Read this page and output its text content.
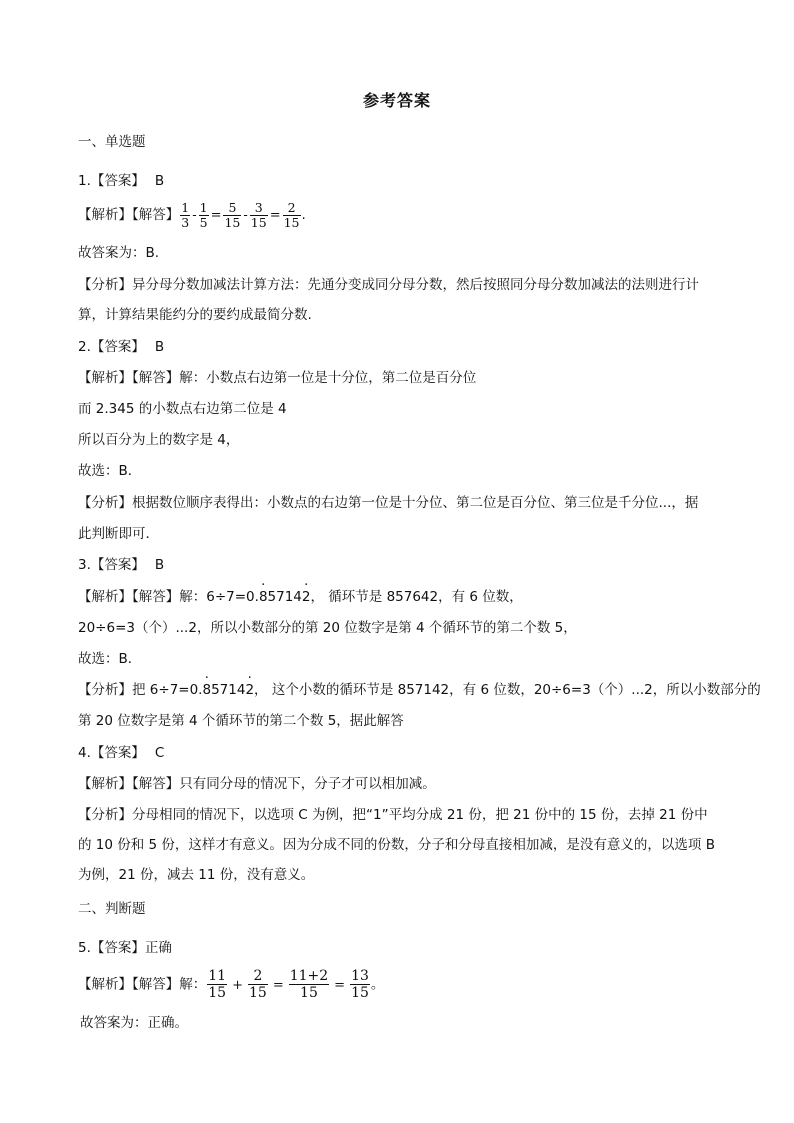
参考答案
一、单选题
1.【答案】 B
【解析】【解答】 $\frac{1}{3} - \frac{1}{5} = \frac{5}{15} - \frac{3}{15} = \frac{2}{15}$ .
故答案为：B.
【分析】异分母分数加减法计算方法：先通分变成同分母分数，然后按照同分母分数加减法的法则进行计
算，计算结果能约分的要约成最简分数.
2.【答案】 B
【解析】【解答】解：小数点右边第一位是十分位，第二位是百分位
而 2.345 的小数点右边第二位是 4
所以百分为上的数字是 4，
故选：B．
【分析】根据数位顺序表得出：小数点的右边第一位是十分位、第二位是百分位、第三位是千分位...，据
此判断即可．
3.【答案】 B
【解析】【解答】解：6÷7=0.· 85714· 2， 循环节是 857642，有 6 位数，
20÷6=3（个）...2，所以小数部分的第 20 位数字是第 4 个循环节的第二个数 5，
故选：B．
【分析】把 6÷7=0.· 85714· 2， 这个小数的循环节是 857142，有 6 位数，20÷6=3（个）...2，所以小数部分的
第 20 位数字是第 4 个循环节的第二个数 5，据此解答
4.【答案】 C
【解析】【解答】只有同分母的情况下，分子才可以相加减。
【分析】分母相同的情况下，以选项 C 为例，把“1”平均分成 21 份，把 21 份中的 15 份，去掉 21 份中的 10 份和 5 份，这样才有意义。因为分成不同的份数，分子和分母直接相加减，是没有意义的，以选项 B 为例，21 份，减去 11 份，没有意义。
二、判断题
5.【答案】正确
【解析】【解答】解： $\frac{11}{15} + \frac{2}{15} = \frac{11+2}{15} = \frac{13}{15}$ 。
故答案为：正确。
